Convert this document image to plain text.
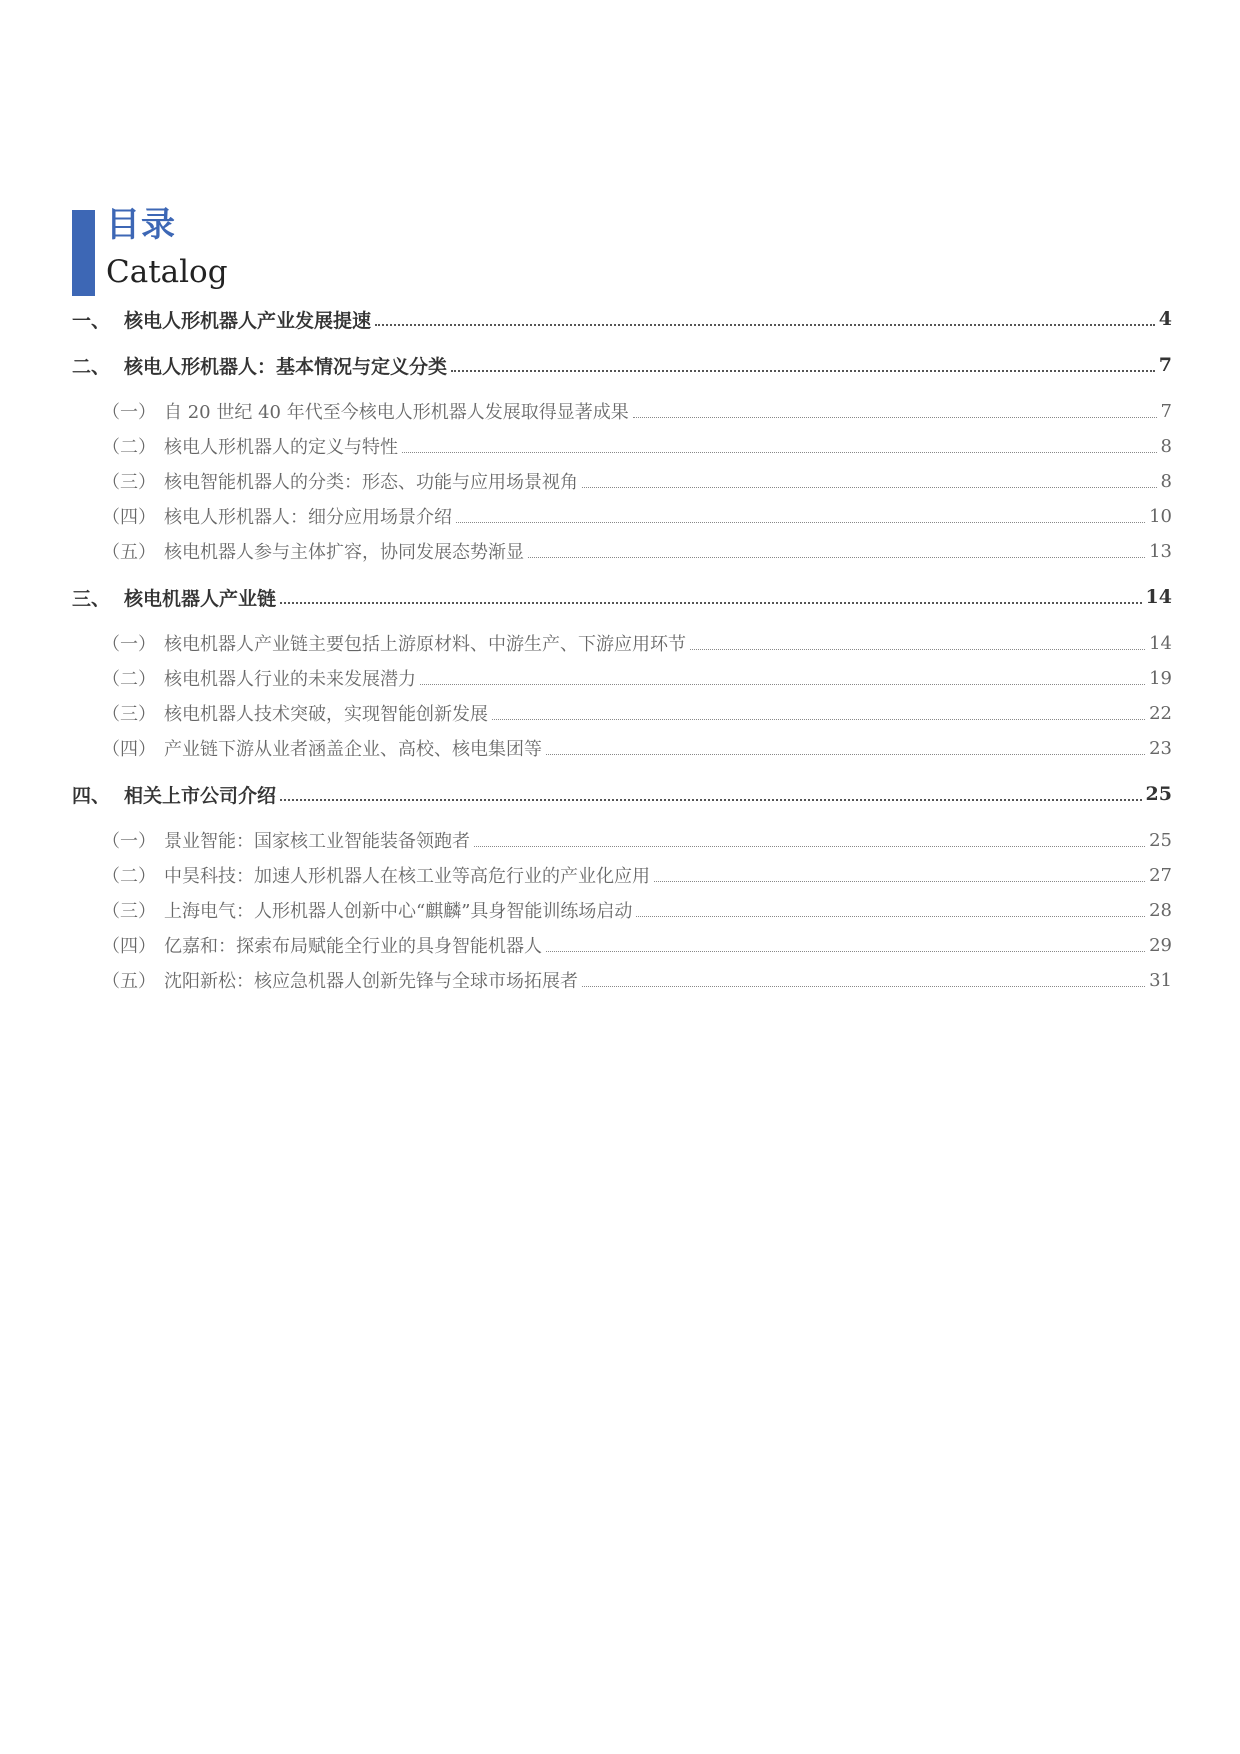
目录
Catalog
一、 核电人形机器人产业发展提速	4
二、 核电人形机器人：基本情况与定义分类	7
（一） 自 20 世纪 40 年代至今核电人形机器人发展取得显著成果	7
（二） 核电人形机器人的定义与特性	8
（三） 核电智能机器人的分类：形态、功能与应用场景视角	8
（四） 核电人形机器人：细分应用场景介绍	10
（五） 核电机器人参与主体扩容，协同发展态势渐显	13
三、 核电机器人产业链	14
（一） 核电机器人产业链主要包括上游原材料、中游生产、下游应用环节	14
（二） 核电机器人行业的未来发展潜力	19
（三） 核电机器人技术突破，实现智能创新发展	22
（四） 产业链下游从业者涵盖企业、高校、核电集团等	23
四、 相关上市公司介绍	25
（一） 景业智能：国家核工业智能装备领跑者	25
（二） 中昊科技：加速人形机器人在核工业等高危行业的产业化应用	27
（三） 上海电气：人形机器人创新中心“麒麟”具身智能训练场启动	28
（四） 亿嘉和：探索布局赋能全行业的具身智能机器人	29
（五） 沈阳新松：核应急机器人创新先锋与全球市场拓展者	31
